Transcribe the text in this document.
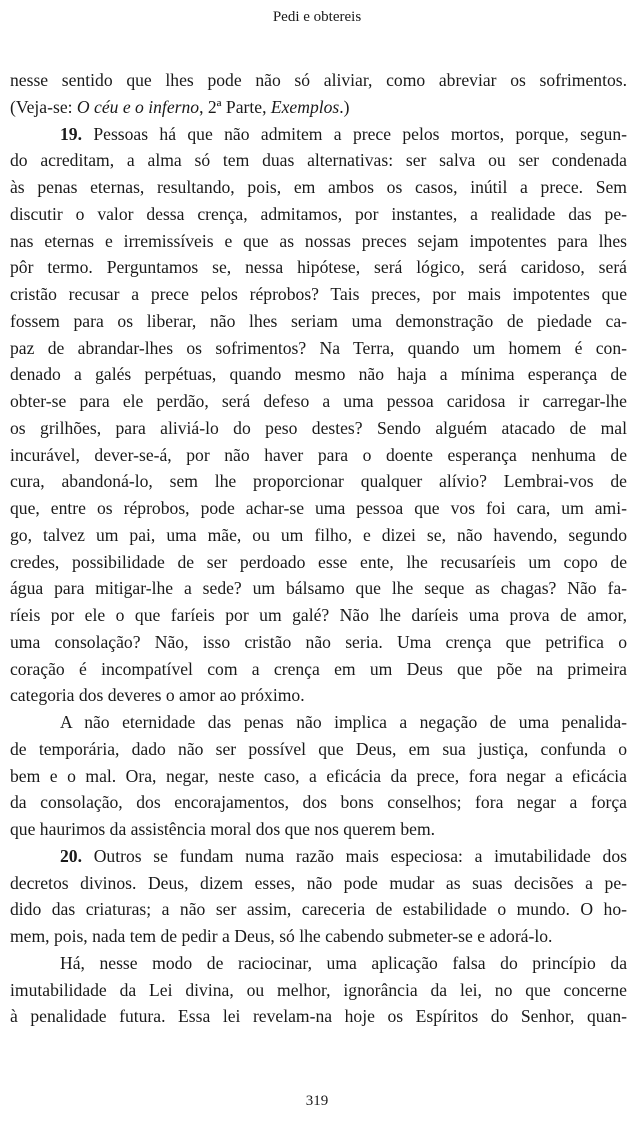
Pedi e obtereis
nesse sentido que lhes pode não só aliviar, como abreviar os sofrimentos.
(Veja-se: O céu e o inferno, 2ª Parte, Exemplos.)
19. Pessoas há que não admitem a prece pelos mortos, porque, segun-
do acreditam, a alma só tem duas alternativas: ser salva ou ser condenada
às penas eternas, resultando, pois, em ambos os casos, inútil a prece. Sem
discutir o valor dessa crença, admitamos, por instantes, a realidade das pe-
nas eternas e irremissíveis e que as nossas preces sejam impotentes para lhes
pôr termo. Perguntamos se, nessa hipótese, será lógico, será caridoso, será
cristão recusar a prece pelos réprobos? Tais preces, por mais impotentes que
fossem para os liberar, não lhes seriam uma demonstração de piedade ca-
paz de abrandar-lhes os sofrimentos? Na Terra, quando um homem é con-
denado a galés perpétuas, quando mesmo não haja a mínima esperança de
obter-se para ele perdão, será defeso a uma pessoa caridosa ir carregar-lhe
os grilhões, para aliviá-lo do peso destes? Sendo alguém atacado de mal
incurável, dever-se-á, por não haver para o doente esperança nenhuma de
cura, abandoná-lo, sem lhe proporcionar qualquer alívio? Lembrai-vos de
que, entre os réprobos, pode achar-se uma pessoa que vos foi cara, um ami-
go, talvez um pai, uma mãe, ou um filho, e dizei se, não havendo, segundo
credes, possibilidade de ser perdoado esse ente, lhe recusaríeis um copo de
água para mitigar-lhe a sede? um bálsamo que lhe seque as chagas? Não fa-
ríeis por ele o que faríeis por um galé? Não lhe daríeis uma prova de amor,
uma consolação? Não, isso cristão não seria. Uma crença que petrifica o
coração é incompatível com a crença em um Deus que põe na primeira
categoria dos deveres o amor ao próximo.
A não eternidade das penas não implica a negação de uma penalida-
de temporária, dado não ser possível que Deus, em sua justiça, confunda o
bem e o mal. Ora, negar, neste caso, a eficácia da prece, fora negar a eficácia
da consolação, dos encorajamentos, dos bons conselhos; fora negar a força
que haurimos da assistência moral dos que nos querem bem.
20. Outros se fundam numa razão mais especiosa: a imutabilidade dos
decretos divinos. Deus, dizem esses, não pode mudar as suas decisões a pe-
dido das criaturas; a não ser assim, careceria de estabilidade o mundo. O ho-
mem, pois, nada tem de pedir a Deus, só lhe cabendo submeter-se e adorá-lo.
Há, nesse modo de raciocinar, uma aplicação falsa do princípio da
imutabilidade da Lei divina, ou melhor, ignorância da lei, no que concerne
à penalidade futura. Essa lei revelam-na hoje os Espíritos do Senhor, quan-
319
